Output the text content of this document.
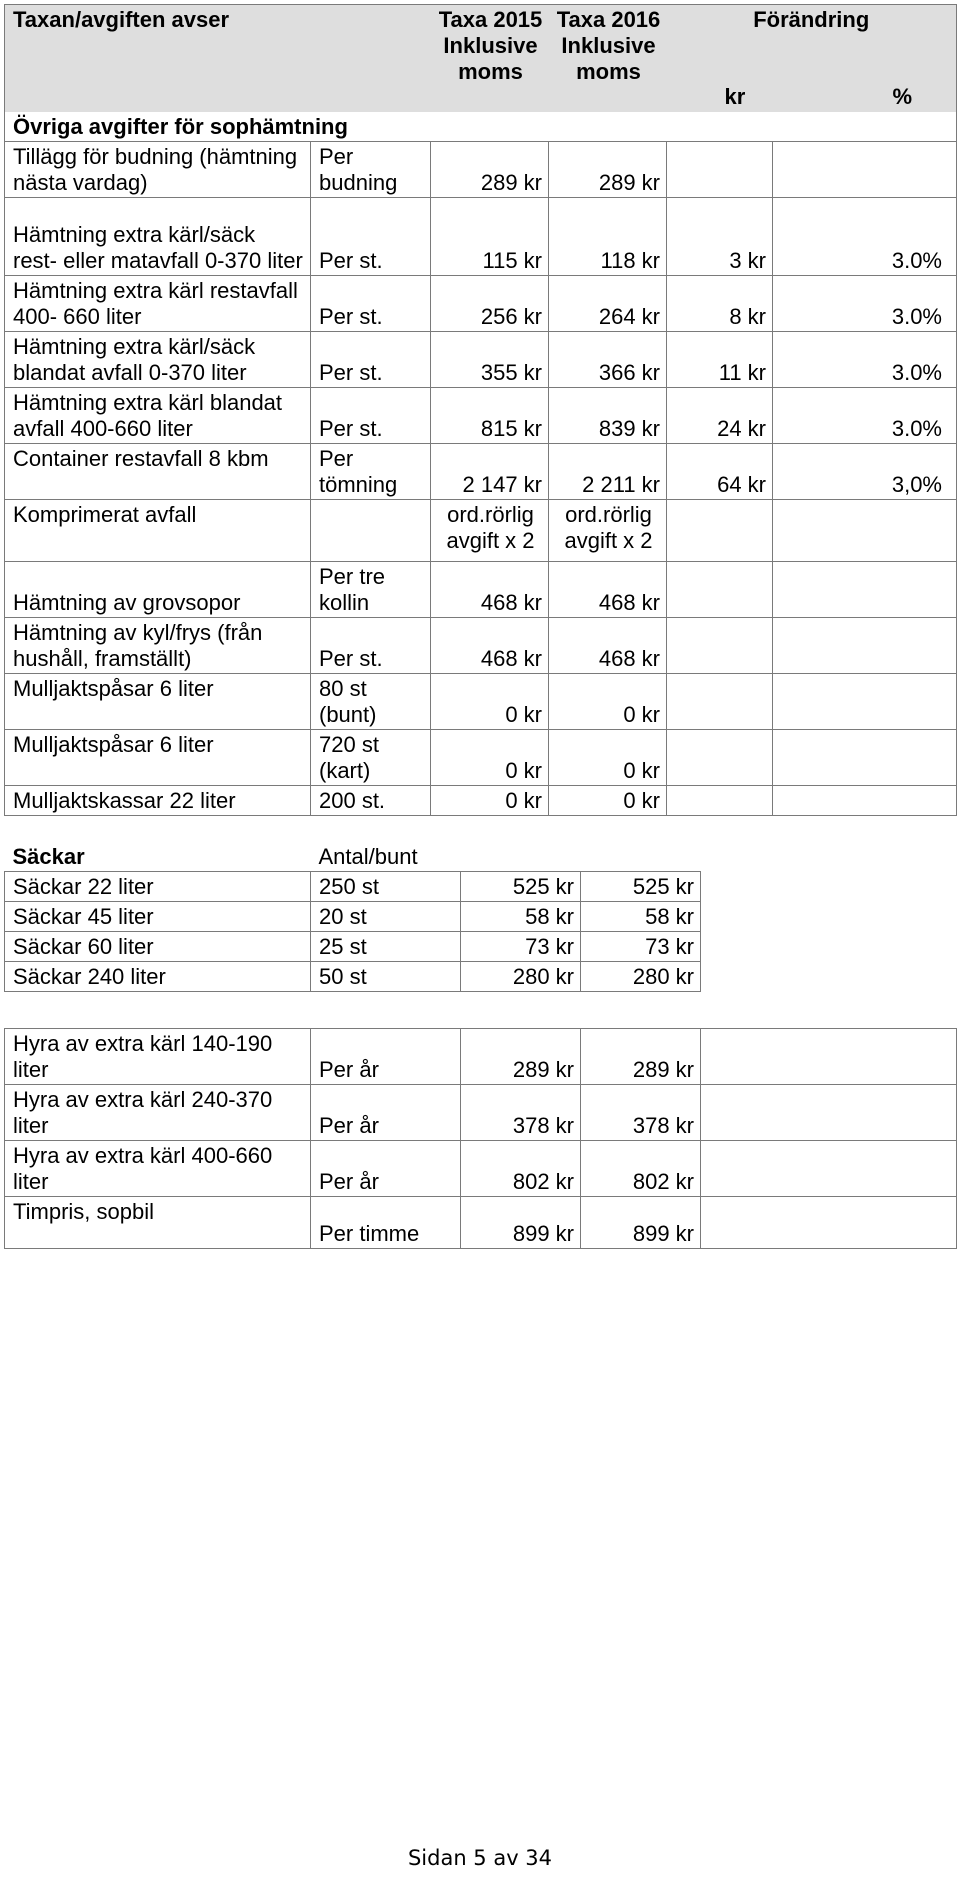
Taxan/avgiften avser		Taxa 2015 Inklusive moms	Taxa 2016 Inklusive moms	Förändring
kr %	

Övriga avgifter för sophämtning					
Tillägg för budning (hämtning nästa vardag)	Per budning	289 kr	289 kr		
Hämtning extra kärl/säck rest- eller matavfall 0-370 liter	Per st.	115 kr	118 kr	3 kr	3.0%
Hämtning extra kärl restavfall 400- 660 liter	Per st.	256 kr	264 kr	8 kr	3.0%
Hämtning extra kärl/säck blandat avfall 0-370 liter	Per st.	355 kr	366 kr	11 kr	3.0%
Hämtning extra kärl blandat avfall 400-660 liter	Per st.	815 kr	839 kr	24 kr	3.0%
Container restavfall 8 kbm	Per tömning	2 147 kr	2 211 kr	64 kr	3,0%
Komprimerat avfall		ord.rörlig avgift x 2	ord.rörlig avgift x 2		
Hämtning av grovsopor	Per tre kollin	468 kr	468 kr		
Hämtning av kyl/frys (från hushåll, framställt)	Per st.	468 kr	468 kr		
Mulljaktspåsar 6 liter	80 st (bunt)	0 kr	0 kr		
Mulljaktspåsar 6 liter	720 st (kart)	0 kr	0 kr		
Mulljaktskassar 22 liter	200 st.	0 kr	0 kr		
Säckar	Antal/bunt		
Säckar 22 liter	250 st	525 kr	525 kr
Säckar 45 liter	20 st	58 kr	58 kr
Säckar 60 liter	25 st	73 kr	73 kr
Säckar 240 liter	50 st	280 kr	280 kr
Hyra av extra kärl 140-190 liter	Per år	289 kr	289 kr	
Hyra av extra kärl 240-370 liter	Per år	378 kr	378 kr	
Hyra av extra kärl 400-660 liter	Per år	802 kr	802 kr	
Timpris, sopbil	Per timme	899 kr	899 kr	
Sidan 5 av 34
